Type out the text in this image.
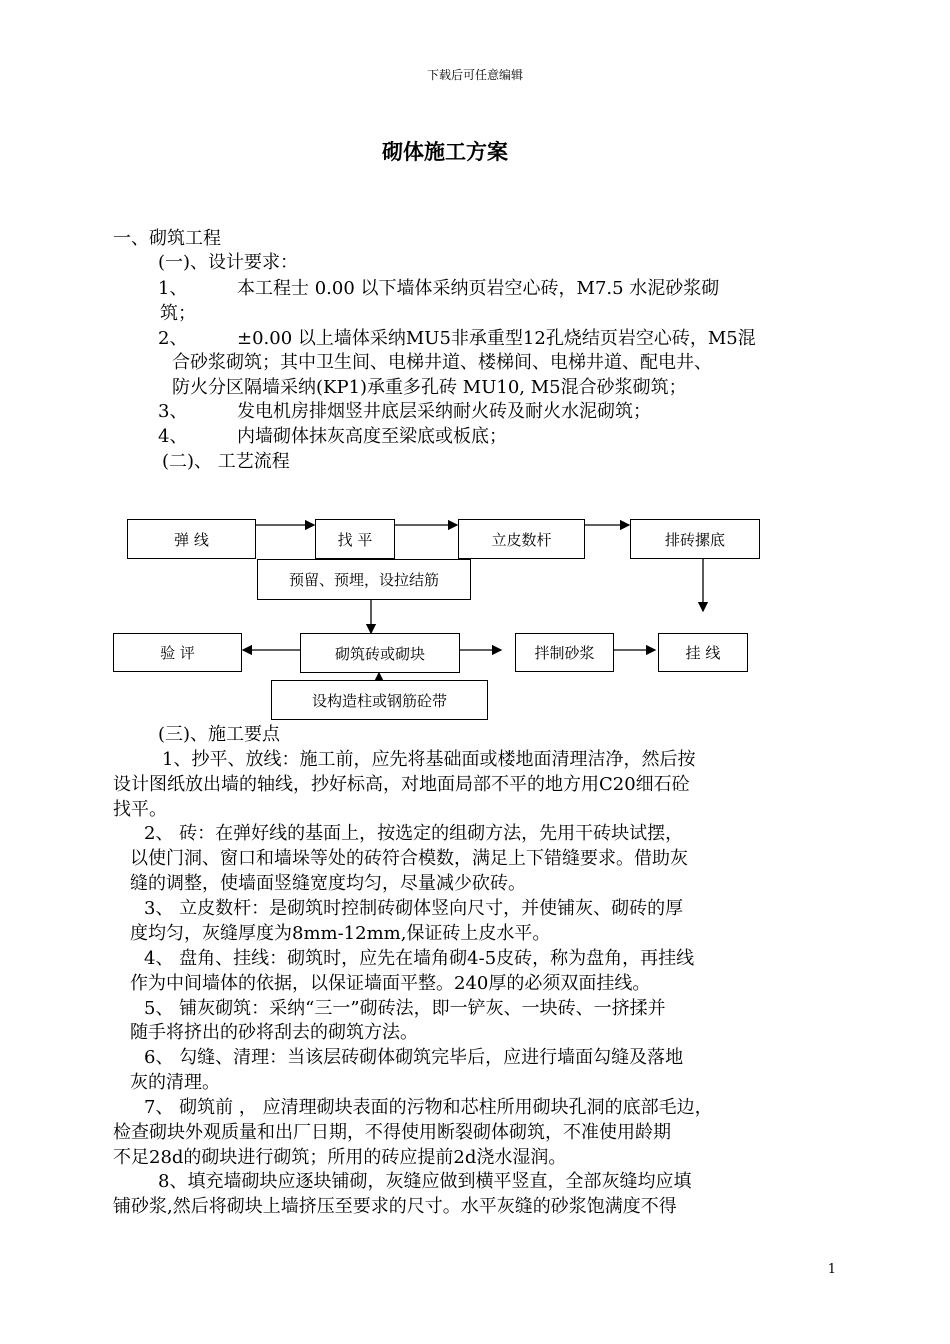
下载后可任意编辑
砌体施工方案
一、砌筑工程
(一)、设计要求：
1、	本工程士 0.00 以下墙体采纳页岩空心砖，M7.5 水泥砂浆砌
筑；
2、	±0.00 以上墙体采纳MU5非承重型12孔烧结页岩空心砖，M5混
合砂浆砌筑；其中卫生间、电梯井道、楼梯间、电梯井道、配电井、
防火分区隔墙采纳(KP1)承重多孔砖 MU10, M5混合砂浆砌筑；
3、	发电机房排烟竖井底层采纳耐火砖及耐火水泥砌筑；
4、	内墙砌体抹灰高度至梁底或板底；
(二)、 工艺流程
弹 线	找 平	立皮数杆	排砖摞底
预留、预埋，设拉结筋
验 评	砌筑砖或砌块	拌制砂浆	挂 线
设构造柱或钢筋砼带
(三)、施工要点
1、抄平、放线：施工前，应先将基础面或楼地面清理洁净，然后按
设计图纸放出墙的轴线，抄好标高，对地面局部不平的地方用C20细石砼
找平。
2、 砖：在弹好线的基面上，按选定的组砌方法，先用干砖块试摆，
以使门洞、窗口和墙垛等处的砖符合模数，满足上下错缝要求。借助灰
缝的调整，使墙面竖缝宽度均匀，尽量减少砍砖。
3、 立皮数杆：是砌筑时控制砖砌体竖向尺寸，并使铺灰、砌砖的厚
度均匀，灰缝厚度为8mm-12mm,保证砖上皮水平。
4、 盘角、挂线：砌筑时，应先在墙角砌4-5皮砖，称为盘角，再挂线
作为中间墙体的依据，以保证墙面平整。240厚的必须双面挂线。
5、 铺灰砌筑：采纳“三一”砌砖法，即一铲灰、一块砖、一挤揉并
随手将挤出的砂将刮去的砌筑方法。
6、 勾缝、清理：当该层砖砌体砌筑完毕后，应进行墙面勾缝及落地
灰的清理。
7、 砌筑前 ， 应清理砌块表面的污物和芯柱所用砌块孔洞的底部毛边，
检查砌块外观质量和出厂日期，不得使用断裂砌体砌筑，不准使用龄期
不足28d的砌块进行砌筑；所用的砖应提前2d浇水湿润。
8、填充墙砌块应逐块铺砌，灰缝应做到横平竖直，全部灰缝均应填
铺砂浆,然后将砌块上墙挤压至要求的尺寸。水平灰缝的砂浆饱满度不得
1
